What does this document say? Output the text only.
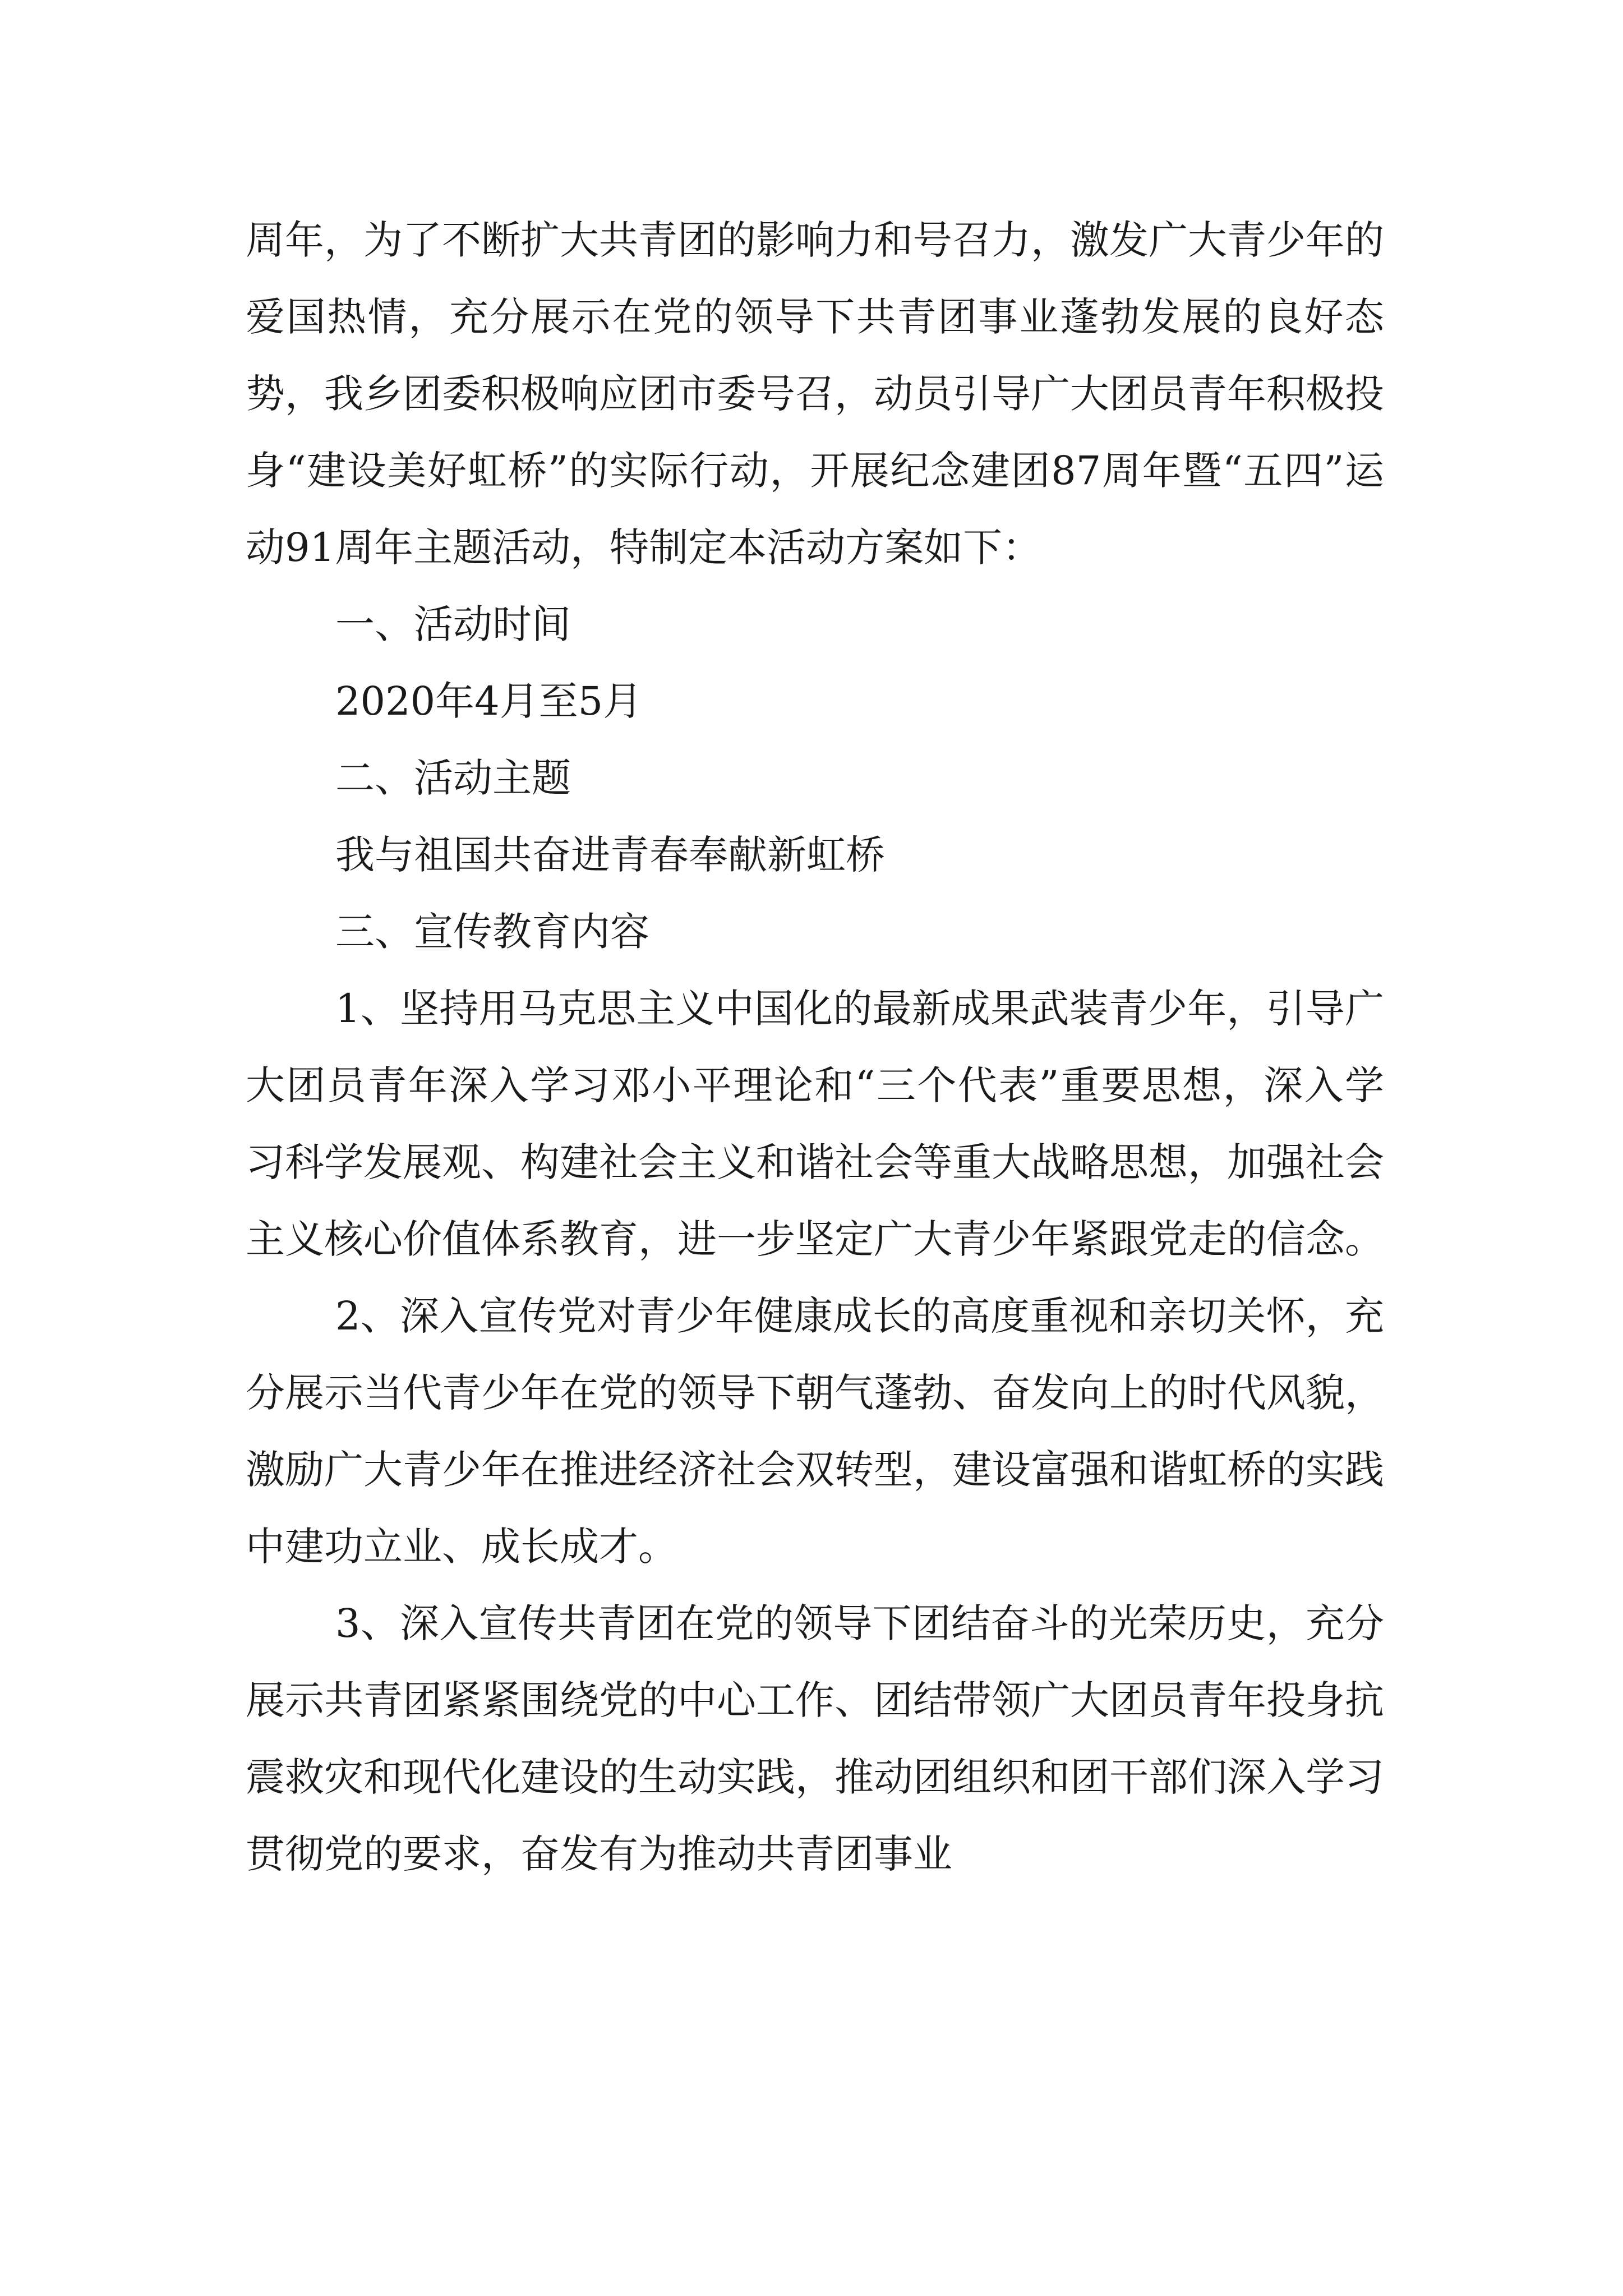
周年，为了不断扩大共青团的影响力和号召力，激发广大青少年的爱国热情，充分展示在党的领导下共青团事业蓬勃发展的良好态势，我乡团委积极响应团市委号召，动员引导广大团员青年积极投身“建设美好虹桥”的实际行动，开展纪念建团87周年暨“五四”运动91周年主题活动，特制定本活动方案如下：

一、活动时间

2020年4月至5月

二、活动主题

我与祖国共奋进青春奉献新虹桥

三、宣传教育内容

1、坚持用马克思主义中国化的最新成果武装青少年，引导广大团员青年深入学习邓小平理论和“三个代表”重要思想，深入学习科学发展观、构建社会主义和谐社会等重大战略思想，加强社会主义核心价值体系教育，进一步坚定广大青少年紧跟党走的信念。

2、深入宣传党对青少年健康成长的高度重视和亲切关怀，充分展示当代青少年在党的领导下朝气蓬勃、奋发向上的时代风貌，激励广大青少年在推进经济社会双转型，建设富强和谐虹桥的实践中建功立业、成长成才。

3、深入宣传共青团在党的领导下团结奋斗的光荣历史，充分展示共青团紧紧围绕党的中心工作、团结带领广大团员青年投身抗震救灾和现代化建设的生动实践，推动团组织和团干部们深入学习贯彻党的要求，奋发有为推动共青团事业
